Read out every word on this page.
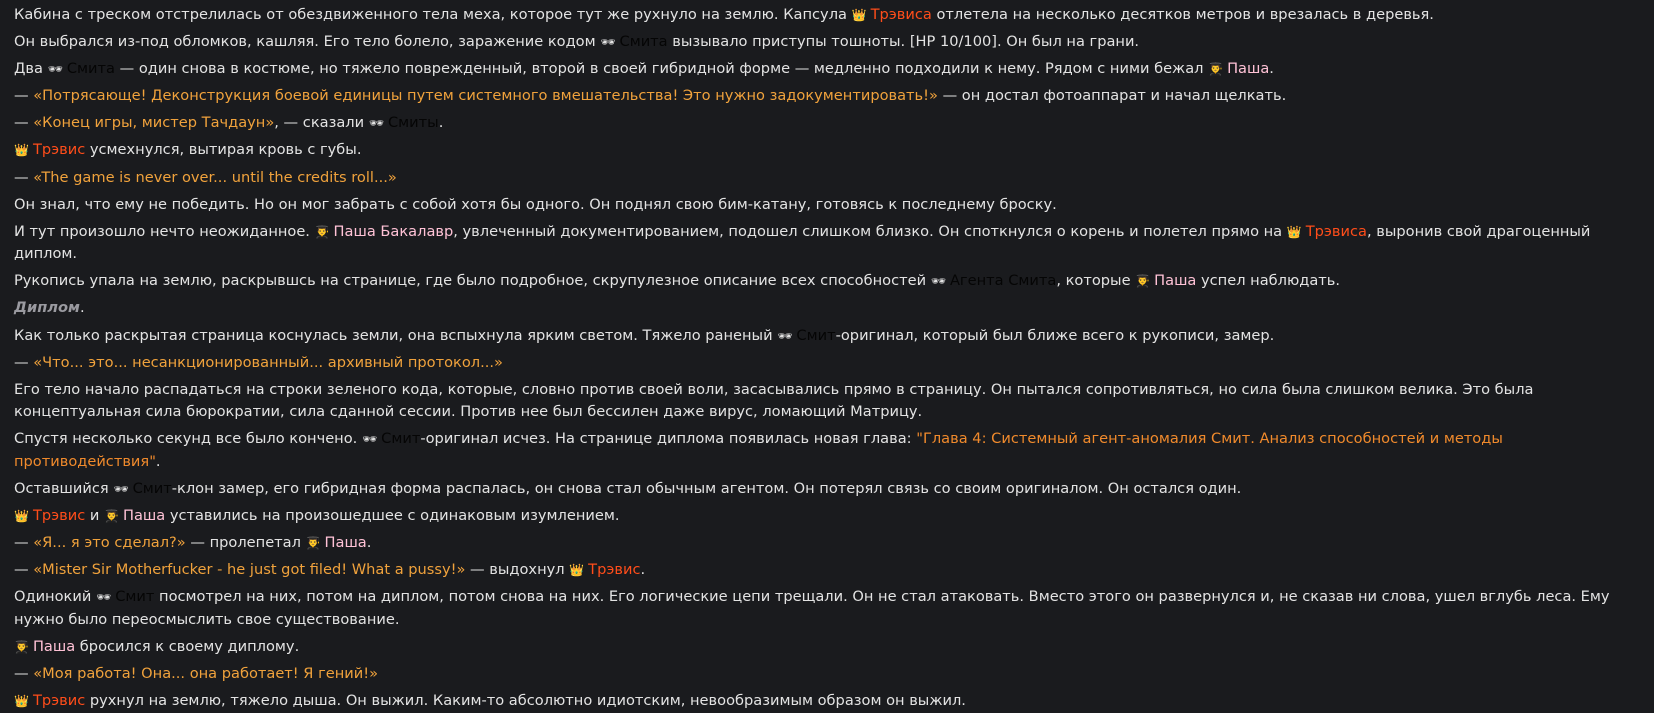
Кабина с треском отстрелилась от обездвиженного тела меха, которое тут же рухнуло на землю. Капсула 👑 Трэвиса отлетела на несколько десятков метров и врезалась в деревья.
Он выбрался из-под обломков, кашляя. Его тело болело, заражение кодом 🕶 Смита вызывало приступы тошноты. [HP 10/100]. Он был на грани.
Два 🕶 Смита — один снова в костюме, но тяжело поврежденный, второй в своей гибридной форме — медленно подходили к нему. Рядом с ними бежал 👨‍🎓 Паша.
— «Потрясающе! Деконструкция боевой единицы путем системного вмешательства! Это нужно задокументировать!» — он достал фотоаппарат и начал щелкать.
— «Конец игры, мистер Тачдаун», — сказали 🕶 Смиты.
👑 Трэвис усмехнулся, вытирая кровь с губы.
— «The game is never over... until the credits roll...»
Он знал, что ему не победить. Но он мог забрать с собой хотя бы одного. Он поднял свою бим-катану, готовясь к последнему броску.
И тут произошло нечто неожиданное. 👨‍🎓 Паша Бакалавр, увлеченный документированием, подошел слишком близко. Он споткнулся о корень и полетел прямо на 👑 Трэвиса, выронив свой драгоценный диплом.
Рукопись упала на землю, раскрывшсь на странице, где было подробное, скрупулезное описание всех способностей 🕶 Агента Смита, которые 👨‍🎓 Паша успел наблюдать.
Диплом.
Как только раскрытая страница коснулась земли, она вспыхнула ярким светом. Тяжело раненый 🕶 Смит-оригинал, который был ближе всего к рукописи, замер.
— «Что... это... несанкционированный... архивный протокол...»
Его тело начало распадаться на строки зеленого кода, которые, словно против своей воли, засасывались прямо в страницу. Он пытался сопротивляться, но сила была слишком велика. Это была концептуальная сила бюрократии, сила сданной сессии. Против нее был бессилен даже вирус, ломающий Матрицу.
Спустя несколько секунд все было кончено. 🕶 Смит-оригинал исчез. На странице диплома появилась новая глава: "Глава 4: Системный агент-аномалия Смит. Анализ способностей и методы противодействия".
Оставшийся 🕶 Смит-клон замер, его гибридная форма распалась, он снова стал обычным агентом. Он потерял связь со своим оригиналом. Он остался один.
👑 Трэвис и 👨‍🎓 Паша уставились на произошедшее с одинаковым изумлением.
— «Я... я это сделал?» — пролепетал 👨‍🎓 Паша.
— «Mister Sir Motherfucker - he just got filed! What a pussy!» — выдохнул 👑 Трэвис.
Одинокий 🕶 Смит посмотрел на них, потом на диплом, потом снова на них. Его логические цепи трещали. Он не стал атаковать. Вместо этого он развернулся и, не сказав ни слова, ушел вглубь леса. Ему нужно было переосмыслить свое существование.
👨‍🎓 Паша бросился к своему диплому.
— «Моя работа! Она... она работает! Я гений!»
👑 Трэвис рухнул на землю, тяжело дыша. Он выжил. Каким-то абсолютно идиотским, невообразимым образом он выжил.
